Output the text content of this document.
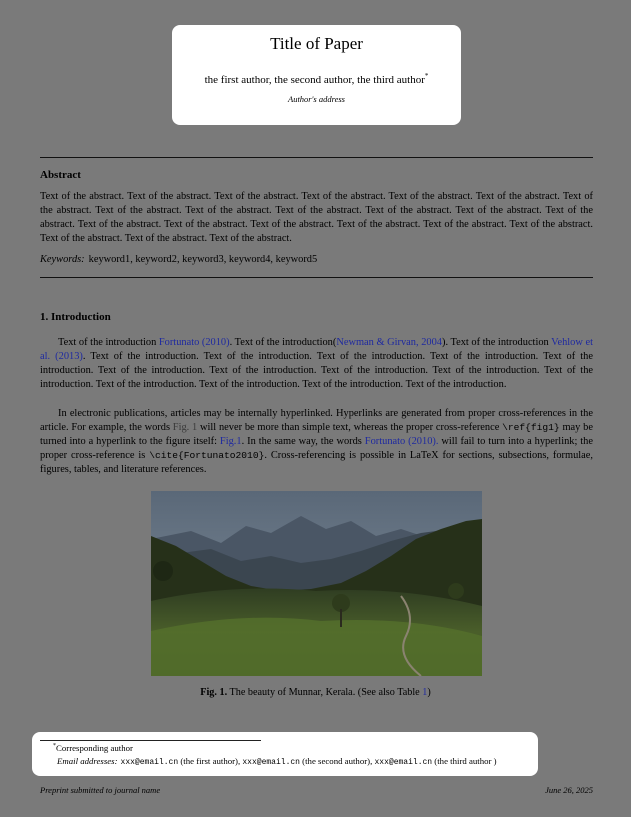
Title of Paper
the first author, the second author, the third author*
Author's address
Abstract
Text of the abstract. Text of the abstract. Text of the abstract. Text of the abstract. Text of the abstract. Text of the abstract. Text of the abstract. Text of the abstract. Text of the abstract. Text of the abstract. Text of the abstract. Text of the abstract. Text of the abstract. Text of the abstract. Text of the abstract. Text of the abstract. Text of the abstract. Text of the abstract. Text of the abstract. Text of the abstract. Text of the abstract. Text of the abstract.
Keywords: keyword1, keyword2, keyword3, keyword4, keyword5
1. Introduction
Text of the introduction Fortunato (2010). Text of the introduction(Newman & Girvan, 2004). Text of the introduction Vehlow et al. (2013). Text of the introduction. Text of the introduction. Text of the introduction. Text of the introduction. Text of the introduction. Text of the introduction. Text of the introduction. Text of the introduction. Text of the introduction. Text of the introduction. Text of the introduction. Text of the introduction. Text of the introduction. Text of the introduction.
In electronic publications, articles may be internally hyperlinked. Hyperlinks are generated from proper cross-references in the article. For example, the words Fig. 1 will never be more than simple text, whereas the proper cross-reference \ref{fig1} may be turned into a hyperlink to the figure itself: Fig.1. In the same way, the words Fortunato (2010). will fail to turn into a hyperlink; the proper cross-reference is \cite{Fortunato2010}. Cross-referencing is possible in LaTeX for sections, subsections, formulae, figures, tables, and literature references.
Fig. 1. The beauty of Munnar, Kerala. (See also Table 1)
*Corresponding author
Email addresses: xxx@email.cn (the first author), xxx@email.cn (the second author), xxx@email.cn (the third author )
Preprint submitted to journal name	June 26, 2025
